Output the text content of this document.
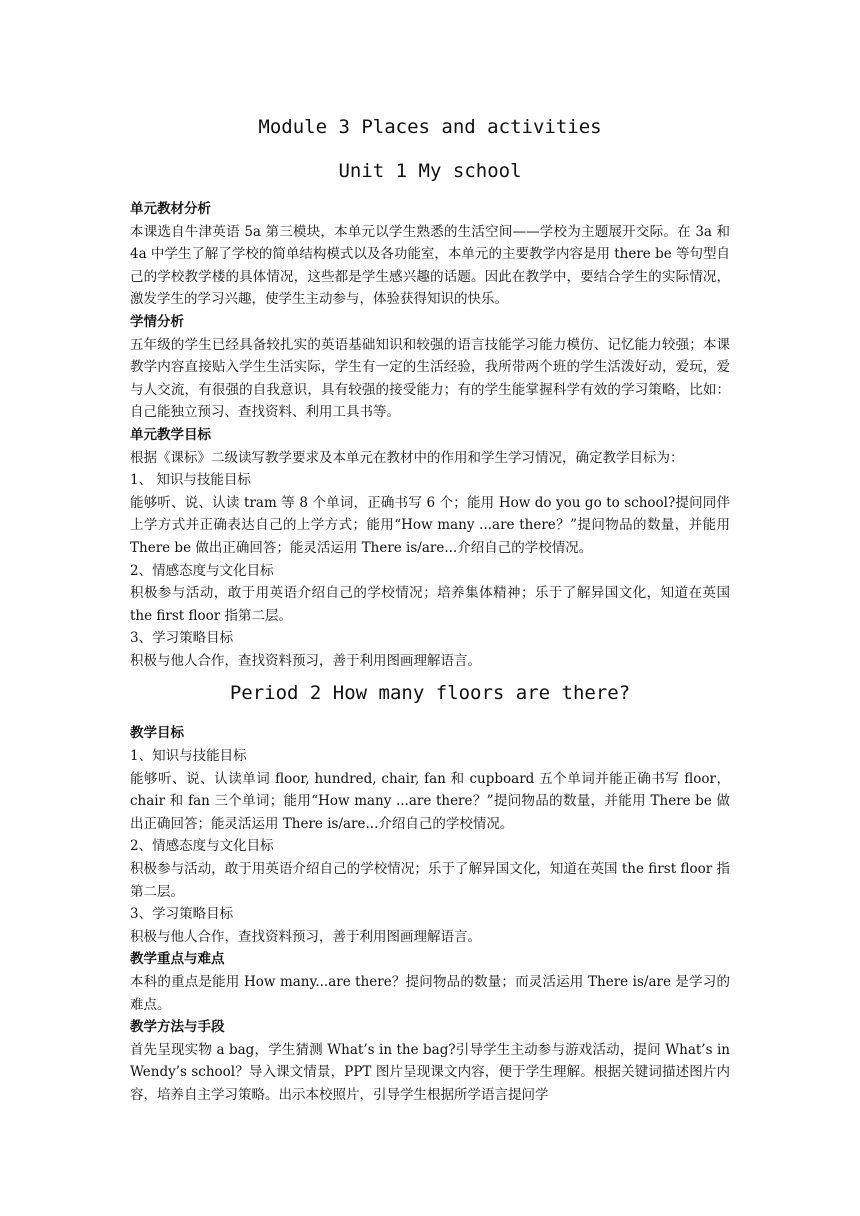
Module 3 Places and activities
Unit 1 My school
单元教材分析

本课选自牛津英语 5a 第三模块，本单元以学生熟悉的生活空间——学校为主题展开交际。在 3a 和 4a 中学生了解了学校的简单结构模式以及各功能室，本单元的主要教学内容是用 there be 等句型自己的学校教学楼的具体情况，这些都是学生感兴趣的话题。因此在教学中，要结合学生的实际情况，激发学生的学习兴趣，使学生主动参与，体验获得知识的快乐。

学情分析

五年级的学生已经具备较扎实的英语基础知识和较强的语言技能学习能力模仿、记忆能力较强；本课教学内容直接贴入学生生活实际，学生有一定的生活经验，我所带两个班的学生活泼好动，爱玩，爱与人交流，有很强的自我意识，具有较强的接受能力；有的学生能掌握科学有效的学习策略，比如：自己能独立预习、查找资料、利用工具书等。

单元教学目标

根据《课标》二级读写教学要求及本单元在教材中的作用和学生学习情况，确定教学目标为：

1、 知识与技能目标

能够听、说、认读 tram 等 8 个单词，正确书写 6 个；能用 How do you go to school?提问同伴上学方式并正确表达自己的上学方式；能用“How many ...are there？”提问物品的数量，并能用 There be 做出正确回答；能灵活运用 There is/are...介绍自己的学校情况。

2、情感态度与文化目标

积极参与活动，敢于用英语介绍自己的学校情况；培养集体精神；乐于了解异国文化，知道在英国 the first floor 指第二层。

3、学习策略目标

积极与他人合作，查找资料预习，善于利用图画理解语言。

Period 2 How many floors are there?
教学目标
1、知识与技能目标

能够听、说、认读单词 floor, hundred, chair, fan 和 cupboard 五个单词并能正确书写 floor，chair 和 fan 三个单词；能用“How many ...are there？”提问物品的数量，并能用 There be 做出正确回答；能灵活运用 There is/are...介绍自己的学校情况。

2、情感态度与文化目标

积极参与活动，敢于用英语介绍自己的学校情况；乐于了解异国文化，知道在英国 the first floor 指第二层。

3、学习策略目标

积极与他人合作，查找资料预习，善于利用图画理解语言。

教学重点与难点

本科的重点是能用 How many...are there？提问物品的数量；而灵活运用 There is/are 是学习的难点。

教学方法与手段

首先呈现实物 a bag，学生猜测 What’s in the bag?引导学生主动参与游戏活动，提问 What’s in Wendy’s school？导入课文情景，PPT 图片呈现课文内容，便于学生理解。根据关键词描述图片内容，培养自主学习策略。出示本校照片，引导学生根据所学语言提问学
